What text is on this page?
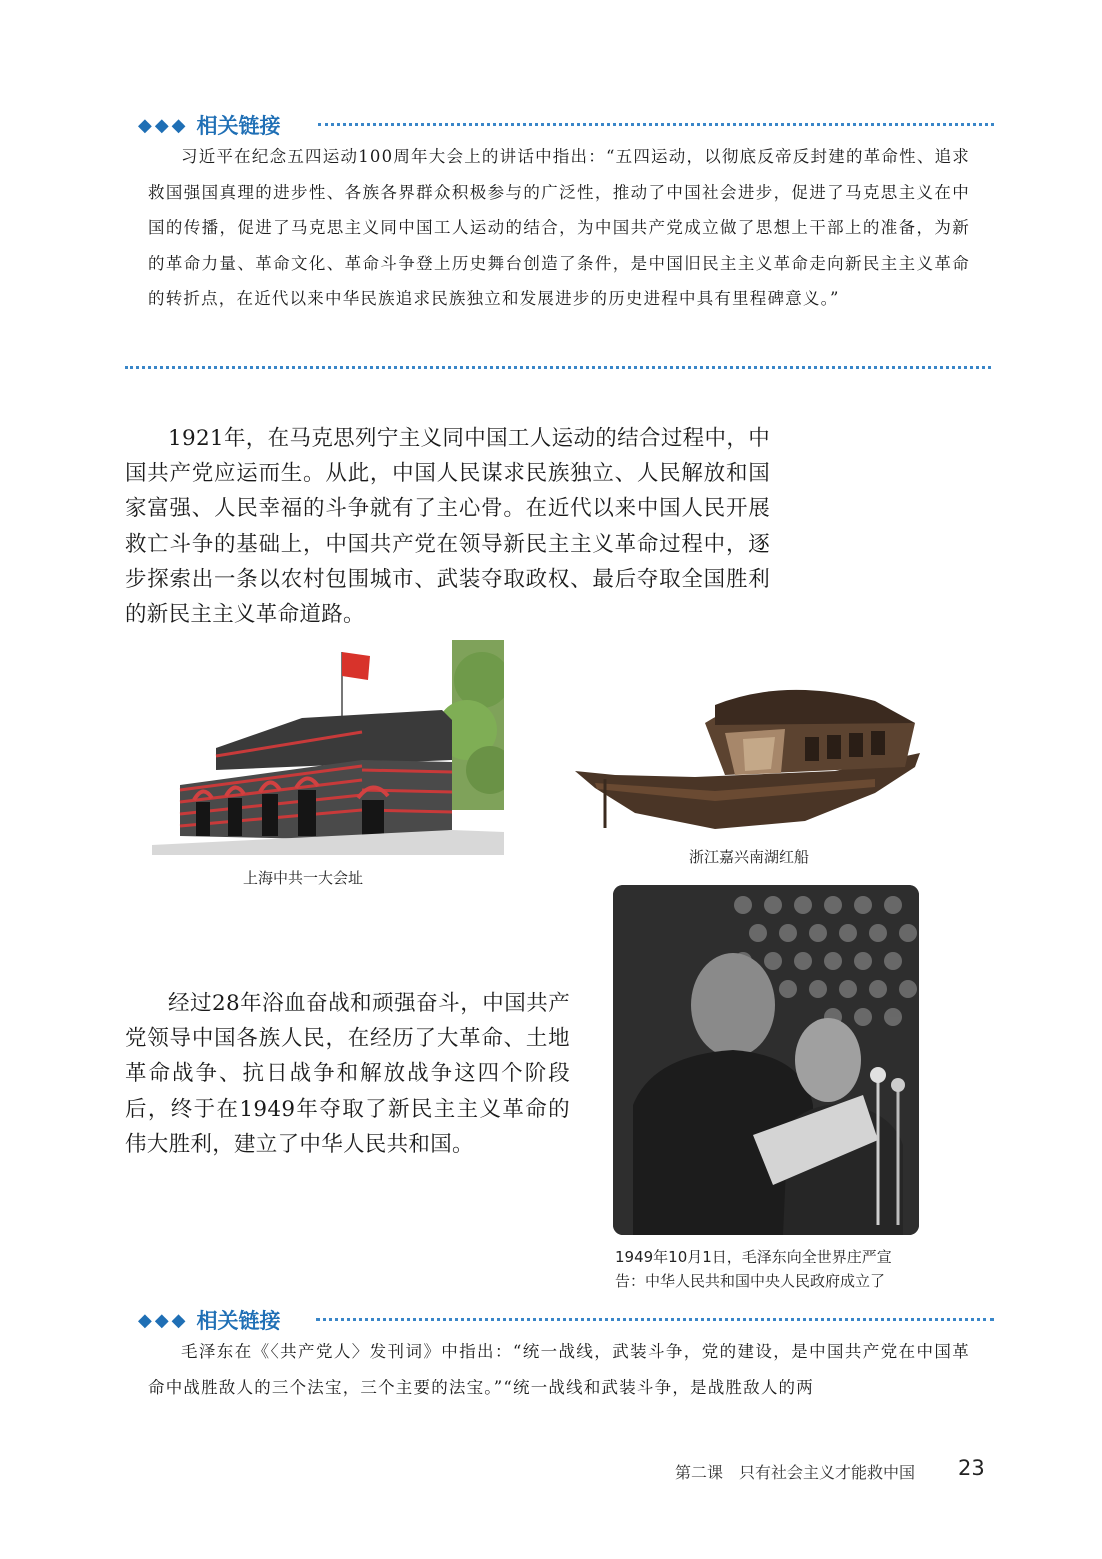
◆◆◆ 相关链接

习近平在纪念五四运动100周年大会上的讲话中指出：“五四运动，以彻底反帝反封建的革命性、追求救国强国真理的进步性、各族各界群众积极参与的广泛性，推动了中国社会进步，促进了马克思主义在中国的传播，促进了马克思主义同中国工人运动的结合，为中国共产党成立做了思想上干部上的准备，为新的革命力量、革命文化、革命斗争登上历史舞台创造了条件，是中国旧民主主义革命走向新民主主义革命的转折点，在近代以来中华民族追求民族独立和发展进步的历史进程中具有里程碑意义。”

1921年，在马克思列宁主义同中国工人运动的结合过程中，中国共产党应运而生。从此，中国人民谋求民族独立、人民解放和国家富强、人民幸福的斗争就有了主心骨。在近代以来中国人民开展救亡斗争的基础上，中国共产党在领导新民主主义革命过程中，逐步探索出一条以农村包围城市、武装夺取政权、最后夺取全国胜利的新民主主义革命道路。

上海中共一大会址
浙江嘉兴南湖红船
1949年10月1日，毛泽东向全世界庄严宣
告：中华人民共和国中央人民政府成立了

经过28年浴血奋战和顽强奋斗，中国共产党领导中国各族人民，在经历了大革命、土地革命战争、抗日战争和解放战争这四个阶段后，终于在1949年夺取了新民主主义革命的伟大胜利，建立了中华人民共和国。

◆◆◆ 相关链接

毛泽东在《〈共产党人〉发刊词》中指出：“统一战线，武装斗争，党的建设，是中国共产党在中国革命中战胜敌人的三个法宝，三个主要的法宝。”“统一战线和武装斗争，是战胜敌人的两

第二课　只有社会主义才能救中国 23
